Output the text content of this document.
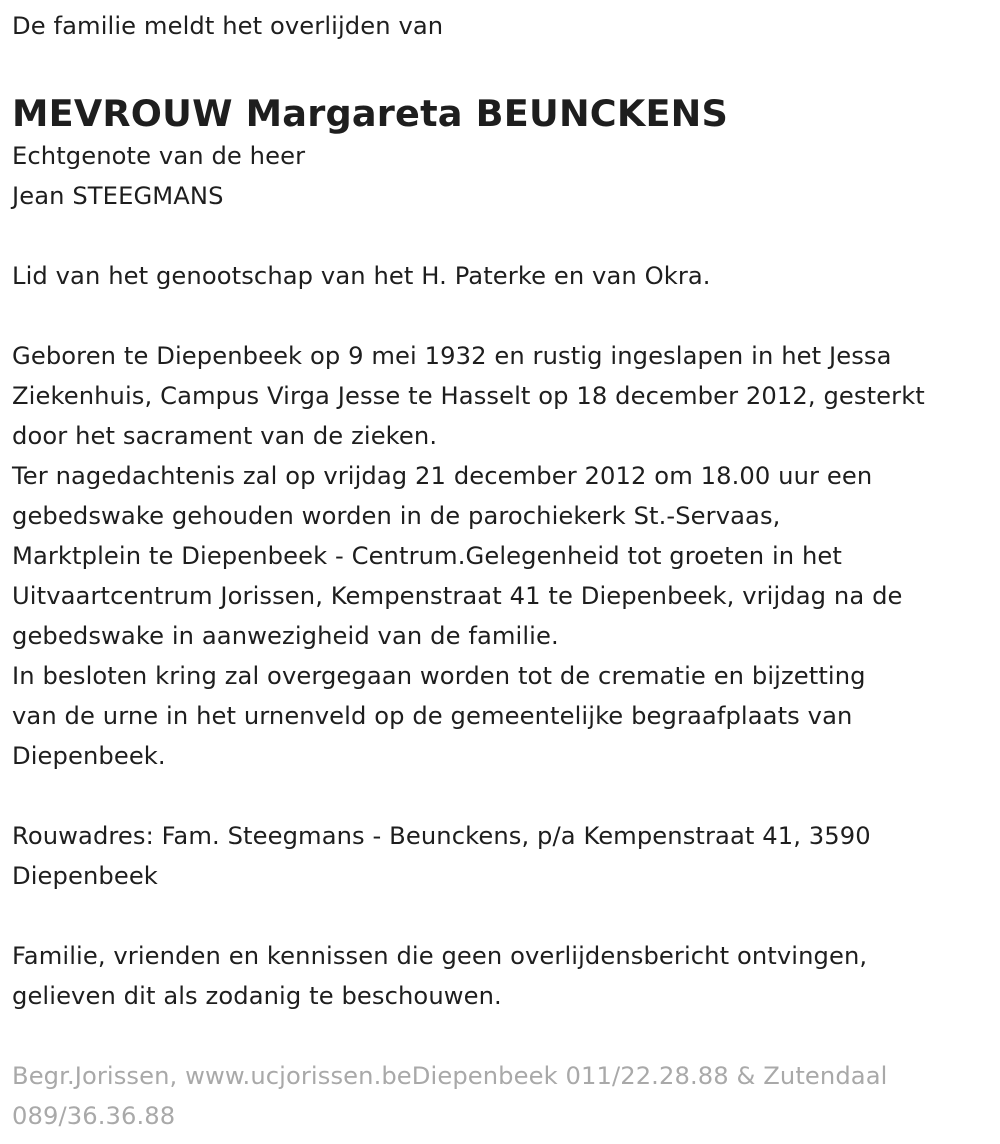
De familie meldt het overlijden van
MEVROUW Margareta BEUNCKENS
Echtgenote van de heer
Jean STEEGMANS
Lid van het genootschap van het H. Paterke en van Okra.
Geboren te Diepenbeek op 9 mei 1932 en rustig ingeslapen in het Jessa
Ziekenhuis, Campus Virga Jesse te Hasselt op 18 december 2012, gesterkt
door het sacrament van de zieken.
Ter nagedachtenis zal op vrijdag 21 december 2012 om 18.00 uur een
gebedswake gehouden worden in de parochiekerk St.-Servaas,
Marktplein te Diepenbeek - Centrum.Gelegenheid tot groeten in het
Uitvaartcentrum Jorissen, Kempenstraat 41 te Diepenbeek, vrijdag na de
gebedswake in aanwezigheid van de familie.
In besloten kring zal overgegaan worden tot de crematie en bijzetting
van de urne in het urnenveld op de gemeentelijke begraafplaats van
Diepenbeek.
Rouwadres: Fam. Steegmans - Beunckens, p/a Kempenstraat 41, 3590
Diepenbeek
Familie, vrienden en kennissen die geen overlijdensbericht ontvingen,
gelieven dit als zodanig te beschouwen.
Begr.Jorissen, www.ucjorissen.beDiepenbeek 011/22.28.88 & Zutendaal
089/36.36.88
